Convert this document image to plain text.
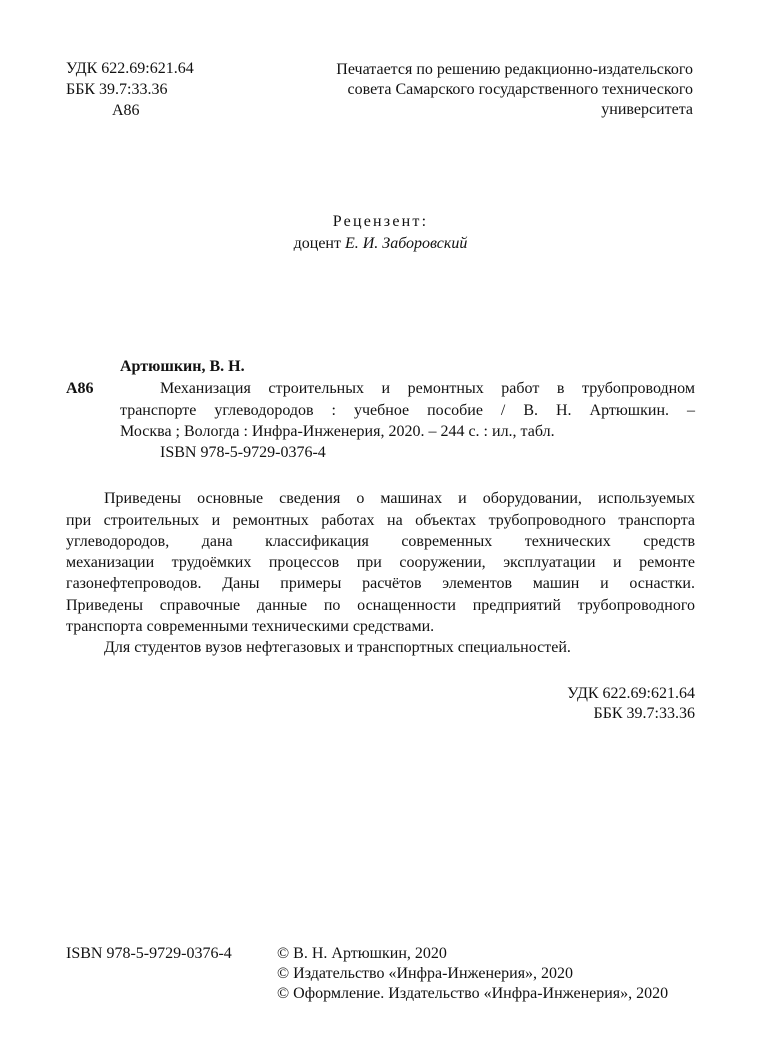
УДК 622.69:621.64
ББК 39.7:33.36
А86
Печатается по решению редакционно-издательского
совета Самарского государственного технического
университета
Рецензент:
доцент Е. И. Заборовский
Артюшкин, В. Н.
А86	Механизация строительных и ремонтных работ в трубопроводном
транспорте углеводородов : учебное пособие / В. Н. Артюшкин. –
Москва ; Вологда : Инфра-Инженерия, 2020. – 244 с. : ил., табл.
ISBN 978-5-9729-0376-4
Приведены основные сведения о машинах и оборудовании, используемых
при строительных и ремонтных работах на объектах трубопроводного транспорта
углеводородов, дана классификация современных технических средств
механизации трудоёмких процессов при сооружении, эксплуатации и ремонте
газонефтепроводов. Даны примеры расчётов элементов машин и оснастки.
Приведены справочные данные по оснащенности предприятий трубопроводного
транспорта современными техническими средствами.
Для студентов вузов нефтегазовых и транспортных специальностей.
УДК 622.69:621.64
ББК 39.7:33.36
ISBN 978-5-9729-0376-4	© В. Н. Артюшкин, 2020
© Издательство «Инфра-Инженерия», 2020
© Оформление. Издательство «Инфра-Инженерия», 2020
